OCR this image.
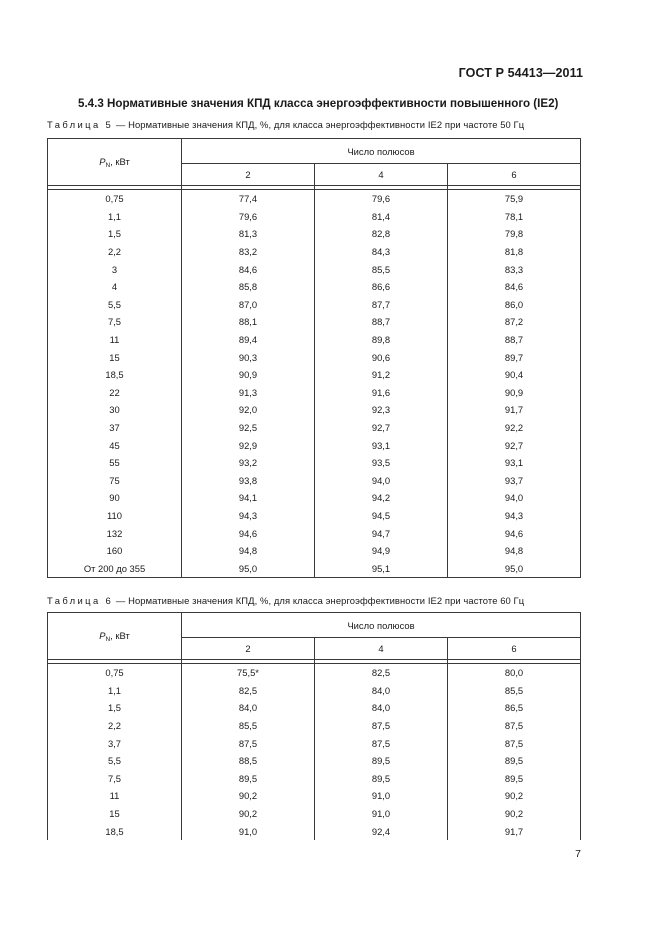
ГОСТ Р 54413—2011
5.4.3 Нормативные значения КПД класса энергоэффективности повышенного (IE2)
Таблица 5 — Нормативные значения КПД, %, для класса энергоэффективности IE2 при частоте 50 Гц
$P_N$, кВт	Число полюсов		
	2	4	6

0,75	77,4	79,6	75,9
1,1	79,6	81,4	78,1
1,5	81,3	82,8	79,8
2,2	83,2	84,3	81,8
3	84,6	85,5	83,3
4	85,8	86,6	84,6
5,5	87,0	87,7	86,0
7,5	88,1	88,7	87,2
11	89,4	89,8	88,7
15	90,3	90,6	89,7
18,5	90,9	91,2	90,4
22	91,3	91,6	90,9
30	92,0	92,3	91,7
37	92,5	92,7	92,2
45	92,9	93,1	92,7
55	93,2	93,5	93,1
75	93,8	94,0	93,7
90	94,1	94,2	94,0
110	94,3	94,5	94,3
132	94,6	94,7	94,6
160	94,8	94,9	94,8
От 200 до 355	95,0	95,1	95,0
Таблица 6 — Нормативные значения КПД, %, для класса энергоэффективности IE2 при частоте 60 Гц
$P_N$, кВт	Число полюсов		
	2	4	6

0,75	75,5*	82,5	80,0
1,1	82,5	84,0	85,5
1,5	84,0	84,0	86,5
2,2	85,5	87,5	87,5
3,7	87,5	87,5	87,5
5,5	88,5	89,5	89,5
7,5	89,5	89,5	89,5
11	90,2	91,0	90,2
15	90,2	91,0	90,2
18,5	91,0	92,4	91,7
7
